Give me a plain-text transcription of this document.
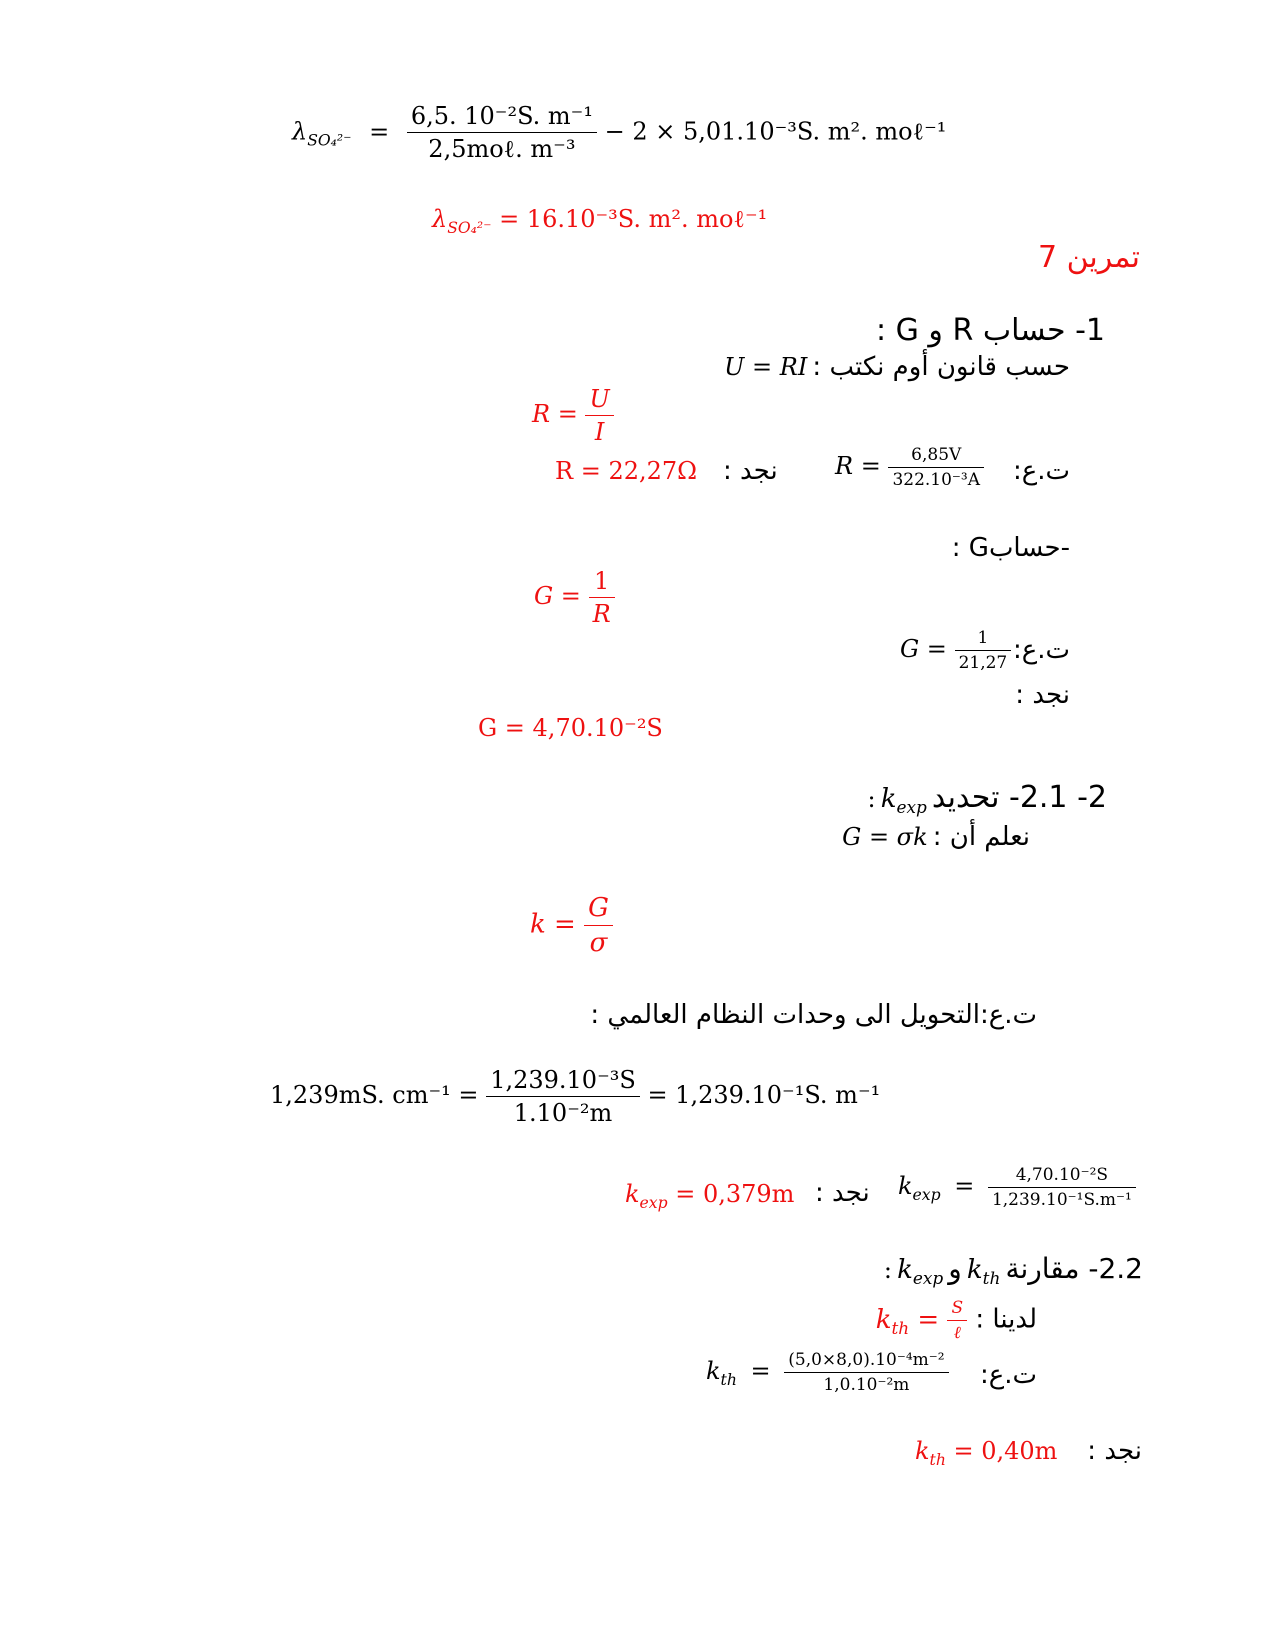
$\lambda_{SO_4^{2-}} = \frac{\text{6,5. 10⁻²S. m⁻¹}}{\text{2,5moℓ. m⁻³}} - 2 \times 5,01.10^{-3}S$. m². moℓ⁻¹
$\lambda_{SO_4^{2-}} = 16.10^{-3}S$. m². moℓ⁻¹
تمرين 7
1- حساب R و G :
U = RI حسب قانون أوم نكتب :
$R = \frac{U}{I}$
R = 22,27Ω نجد : $R = \frac{6,85V}{\text{322.10⁻³A}}$ ت.ع:
-حسابG :
$G = \frac{1}{R}$
$G = \frac{1}{21,27}$ ت.ع:
نجد :
G = 4,70.10⁻²S
: $k_{exp}$ 2- 2.1- تحديد
G = σk نعلم أن :
$k = \frac{G}{\sigma}$
ت.ع:التحويل الى وحدات النظام العالمي :
1,239mS. $cm^{-1} = \frac{\text{1,239.10⁻³S}}{\text{1.10⁻²m}} = 1,239.10^{-1}S$. m⁻¹
$k_{exp} = 0,379m$ نجد : $k_{exp} = \frac{\text{4,70.10⁻²S}}{\text{1,239.10⁻¹S.m⁻¹}}$
: $k_{exp}$ و $k_{th}$ 2.2- مقارنة
$k_{th} = \frac{S}{\text{ℓ}}$ لدينا :
$k_{th} = \frac{\text{(5,0×8,0).10⁻⁴m⁻²}}{\text{1,0.10⁻²m}}$ ت.ع:
$k_{th} = 0,40m$ نجد :
